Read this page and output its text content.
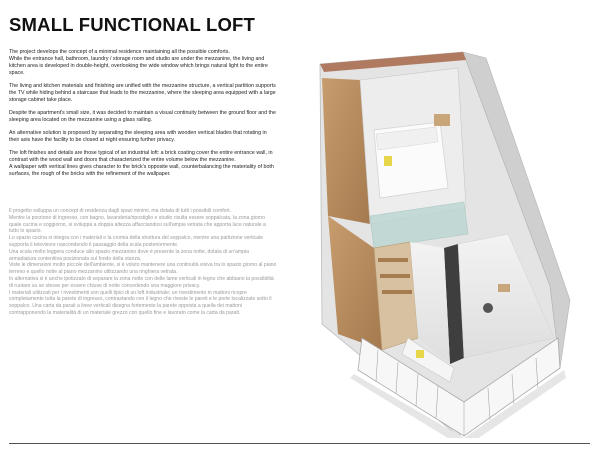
SMALL FUNCTIONAL LOFT

The project develops the concept of a minimal residence maintaining all the possible comforts.
While the entrance hall, bathroom, laundry / storage room and studio are under the mezzanine, the living and kitchen area is developed in double-height, overlooking the wide window which brings natural light to the entire space.

The living and kitchen materials and finishing are unified with the mezzanine structure, a vertical partition supports the TV while hiding behind a staircase that leads to the mezzanine, where the sleeping area equipped with a large storage cabinet take place.

Despite the apartment's small size, it was decided to maintain a visual continuity between the ground floor and the sleeping area located on the mezzanine using a glass railing.

An alternative solution is proposed by separating the sleeping area with wooden vertical blades that rotating in their axis have the facility to be closed at night ensuring further privacy.

The loft finishes and details are those typical of an industrial loft: a brick coating cover the entire entrance wall, in contrast with the wood wall and doors that characterized the entire volume below the mezzanine.
A wallpaper with vertical lines gives character to the brick's opposite wall, counterbalancing the materiality of both surfaces, the rough of the bricks with the refinement of the wallpaper.

Il progetto sviluppa un concept di residenza dagli spazi minimi, ma dotata di tutti i possibili comfort.
Mentre la porzione di ingresso, con bagno, lavanderia/ripostiglio e studio risulta essere soppalcata, la zona giorno quale cucina e soggiorno, si sviluppa a doppia altezza affacciandosi sull'ampia vetrata che apporta luce naturale a tutto lo spazio.
Lo spazio cucina si integra con i materiali e la cromia della struttura del soppalco, mentre una partizione verticale supporta il televisore nascondendo il passaggio della scala posteriormente.
Una scala molto leggera conduce allo spazio mezzanino dove è presente la zona notte, dotata di un'ampia armadiatura contenitiva posizionata sul fondo della stanza.
Viste le dimensioni molto piccole dell'ambiente, si è voluto mantenere una continuità visiva tra lo spazio giorno al piano terreno e quello notte al piano mezzanino utilizzando una ringhiera vetrata.
In alternativa si è anche ipotizzato di separare la zona notte con delle lame verticali in legno che abbiano la possibilità di ruotare su se stesse per essere chiuse di notte concedendo una maggiore privacy.
I materiali utilizzati per i rivestimenti son quelli tipici di un loft industriale; un rivestimento in mattoni ricopre completamente tutta la parete di ingresso, contrastando con il legno che riveste le pareti e le porte localizzate sotto il soppalco. Una carta da parati a linee verticali disegna fortemente la parete opposta a quella dei mattoni contrapponendo la materialità di un materiale grezzo con quello fine e lavorato come la carta da parati.
